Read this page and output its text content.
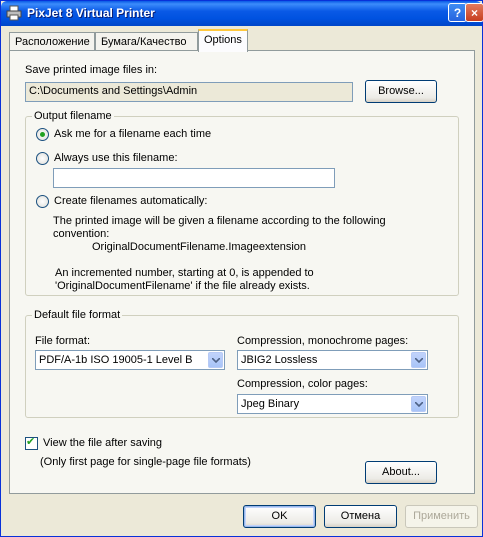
PixJet 8 Virtual Printer	? ×
Расположение	Бумага/Качество	Options
Save printed image files in:
C:\Documents and Settings\Admin	Browse...
Output filename
Ask me for a filename each time
Always use this filename:
Create filenames automatically:
The printed image will be given a filename according to the following
convention:
OriginalDocumentFilename.Imageextension
An incremented number, starting at 0, is appended to
'OriginalDocumentFilename' if the file already exists.
Default file format
File format:
PDF/A-1b ISO 19005-1 Level B
Compression, monochrome pages:
JBIG2 Lossless
Compression, color pages:
Jpeg Binary
✔ View the file after saving
(Only first page for single-page file formats)
About...
OK	Отмена	Применить
